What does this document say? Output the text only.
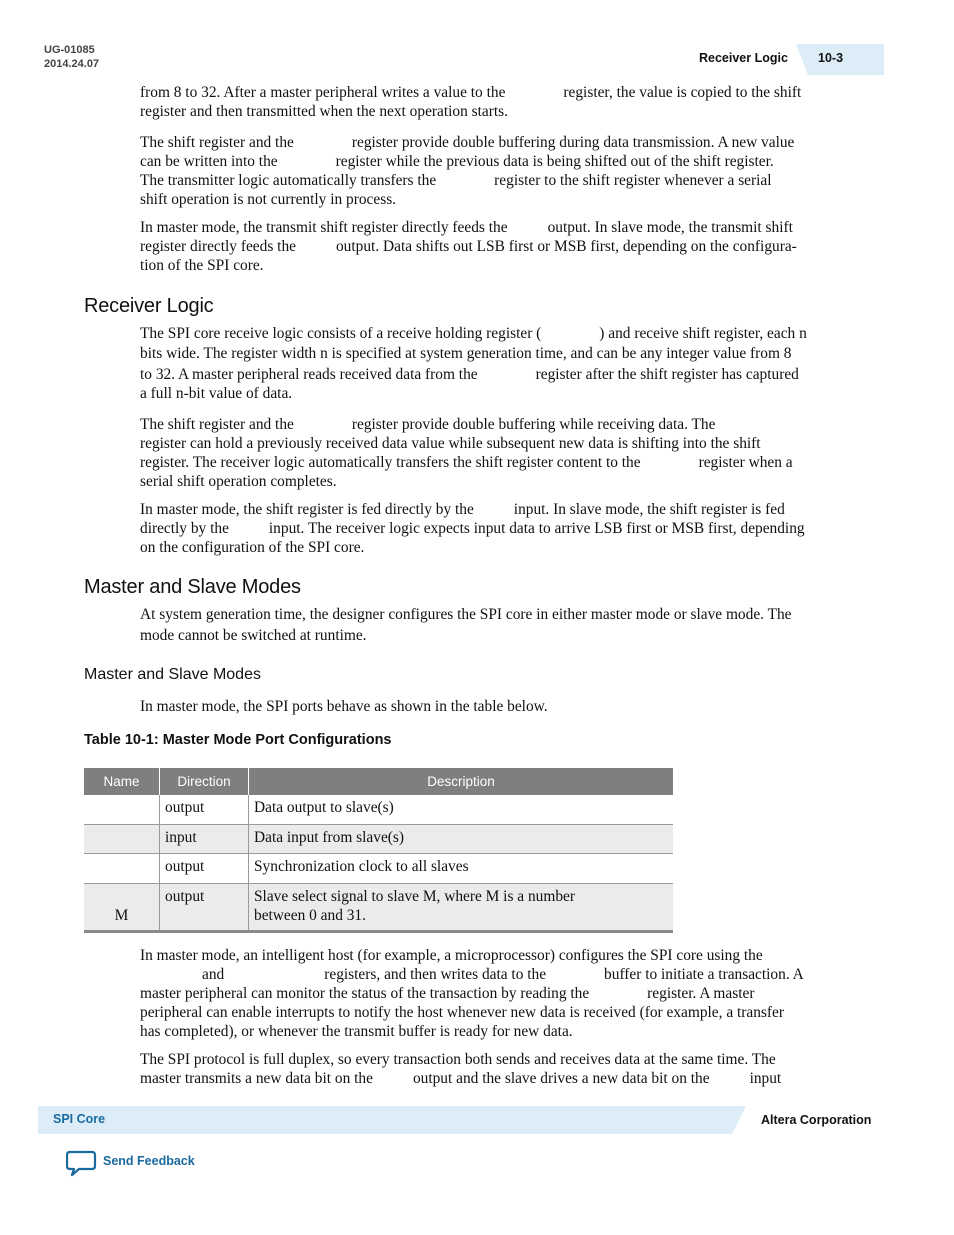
UG-01085
2014.24.07	Receiver Logic 10-3
from 8 to 32. After a master peripheral writes a value to the	register, the value is copied to the shift
register and then transmitted when the next operation starts.
The shift register and the	register provide double buffering during data transmission. A new value
can be written into the	register while the previous data is being shifted out of the shift register.
The transmitter logic automatically transfers the	register to the shift register whenever a serial
shift operation is not currently in process.
In master mode, the transmit shift register directly feeds the	output. In slave mode, the transmit shift
register directly feeds the	output. Data shifts out LSB first or MSB first, depending on the configura-
tion of the SPI core.
Receiver Logic
The SPI core receive logic consists of a receive holding register (	) and receive shift register, each n
bits wide. The register width n is specified at system generation time, and can be any integer value from 8
to 32. A master peripheral reads received data from the	register after the shift register has captured
a full n-bit value of data.
The shift register and the	register provide double buffering while receiving data. The
register can hold a previously received data value while subsequent new data is shifting into the shift
register. The receiver logic automatically transfers the shift register content to the	register when a
serial shift operation completes.
In master mode, the shift register is fed directly by the	input. In slave mode, the shift register is fed
directly by the	input. The receiver logic expects input data to arrive LSB first or MSB first, depending
on the configuration of the SPI core.
Master and Slave Modes
At system generation time, the designer configures the SPI core in either master mode or slave mode. The
mode cannot be switched at runtime.
Master and Slave Modes
In master mode, the SPI ports behave as shown in the table below.
Table 10-1: Master Mode Port Configurations
Name	Direction	Description
	output	Data output to slave(s)
	input	Data input from slave(s)
	output	Synchronization clock to all slaves
M	output	Slave select signal to slave M, where M is a number
between 0 and 31.
In master mode, an intelligent host (for example, a microprocessor) configures the SPI core using the
and	registers, and then writes data to the	buffer to initiate a transaction. A
master peripheral can monitor the status of the transaction by reading the	register. A master
peripheral can enable interrupts to notify the host whenever new data is received (for example, a transfer
has completed), or whenever the transmit buffer is ready for new data.
The SPI protocol is full duplex, so every transaction both sends and receives data at the same time. The
master transmits a new data bit on the	output and the slave drives a new data bit on the	input
SPI Core	Altera Corporation
Send Feedback
